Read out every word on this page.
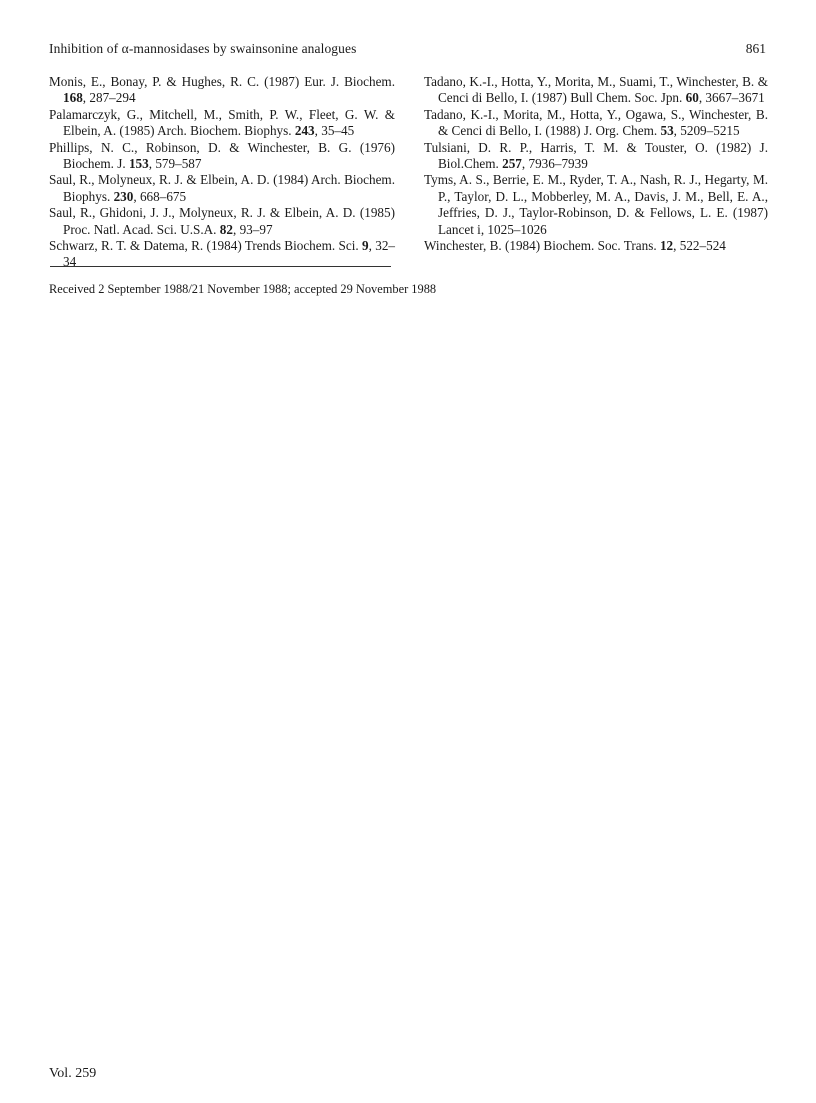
Inhibition of α-mannosidases by swainsonine analogues	861

Monis, E., Bonay, P. & Hughes, R. C. (1987) Eur. J. Biochem. 168, 287–294

Palamarczyk, G., Mitchell, M., Smith, P. W., Fleet, G. W. & Elbein, A. (1985) Arch. Biochem. Biophys. 243, 35–45

Phillips, N. C., Robinson, D. & Winchester, B. G. (1976) Biochem. J. 153, 579–587

Saul, R., Molyneux, R. J. & Elbein, A. D. (1984) Arch. Biochem. Biophys. 230, 668–675

Saul, R., Ghidoni, J. J., Molyneux, R. J. & Elbein, A. D. (1985) Proc. Natl. Acad. Sci. U.S.A. 82, 93–97

Schwarz, R. T. & Datema, R. (1984) Trends Biochem. Sci. 9, 32–34

Tadano, K.-I., Hotta, Y., Morita, M., Suami, T., Winchester, B. & Cenci di Bello, I. (1987) Bull Chem. Soc. Jpn. 60, 3667–3671

Tadano, K.-I., Morita, M., Hotta, Y., Ogawa, S., Winchester, B. & Cenci di Bello, I. (1988) J. Org. Chem. 53, 5209–5215

Tulsiani, D. R. P., Harris, T. M. & Touster, O. (1982) J. Biol.Chem. 257, 7936–7939

Tyms, A. S., Berrie, E. M., Ryder, T. A., Nash, R. J., Hegarty, M. P., Taylor, D. L., Mobberley, M. A., Davis, J. M., Bell, E. A., Jeffries, D. J., Taylor-Robinson, D. & Fellows, L. E. (1987) Lancet i, 1025–1026

Winchester, B. (1984) Biochem. Soc. Trans. 12, 522–524

Received 2 September 1988/21 November 1988; accepted 29 November 1988
Vol. 259
